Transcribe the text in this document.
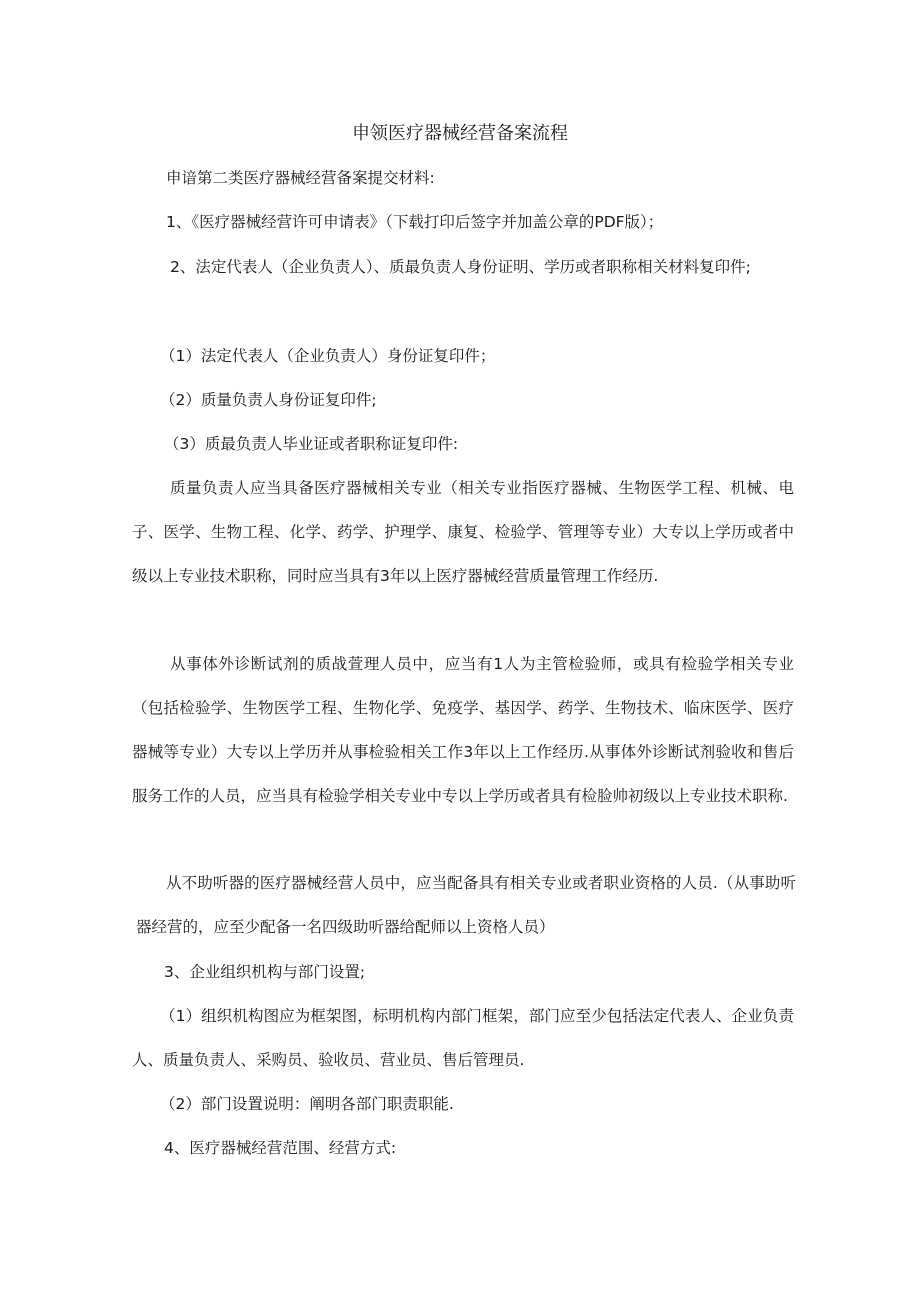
申领医疗器械经营备案流程

申谙第二类医疗器械经营备案提交材料:

1、《医疗器械经营许可申请表》（下载打印后签字并加盖公章的PDF版）；

2、法定代表人（企业负责人）、质最负责人身份证明、学历或者职称相关材料复印件;

（1）法定代表人（企业负责人）身份证复印件；

（2）质量负责人身份证复印件;

（3）质最负责人毕业证或者职称证复印件:

质量负责人应当具备医疗器械相关专业（相关专业指医疗器械、生物医学工程、机械、电子、医学、生物工程、化学、药学、护理学、康复、检验学、管理等专业）大专以上学历或者中级以上专业技术职称，同时应当具有3年以上医疗器械经营质量管理工作经历.

从事体外诊断试剂的质战萱理人员中，应当有1人为主管检验师，或具有检验学相关专业（包括检验学、生物医学工程、生物化学、免疫学、基因学、药学、生物技术、临床医学、医疗器械等专业）大专以上学历并从事检验相关工作3年以上工作经历.从事体外诊断试剂验收和售后服务工作的人员，应当具有检验学相关专业中专以上学历或者具有检脸帅初级以上专业技术职称.

从不助听器的医疗器械经营人员中，应当配备具有相关专业或者职业资格的人员.（从事助听器经营的，应至少配备一名四级助听器给配师以上资格人员）

3、企业组织机构与部门设置;

（1）组织机构图应为框架图，标明机构内部门框架，部门应至少包括法定代表人、企业负责人、质量负责人、采购员、验收员、营业员、售后管理员.

（2）部门设置说明：阐明各部门职责职能.

4、医疗器械经营范围、经营方式:
